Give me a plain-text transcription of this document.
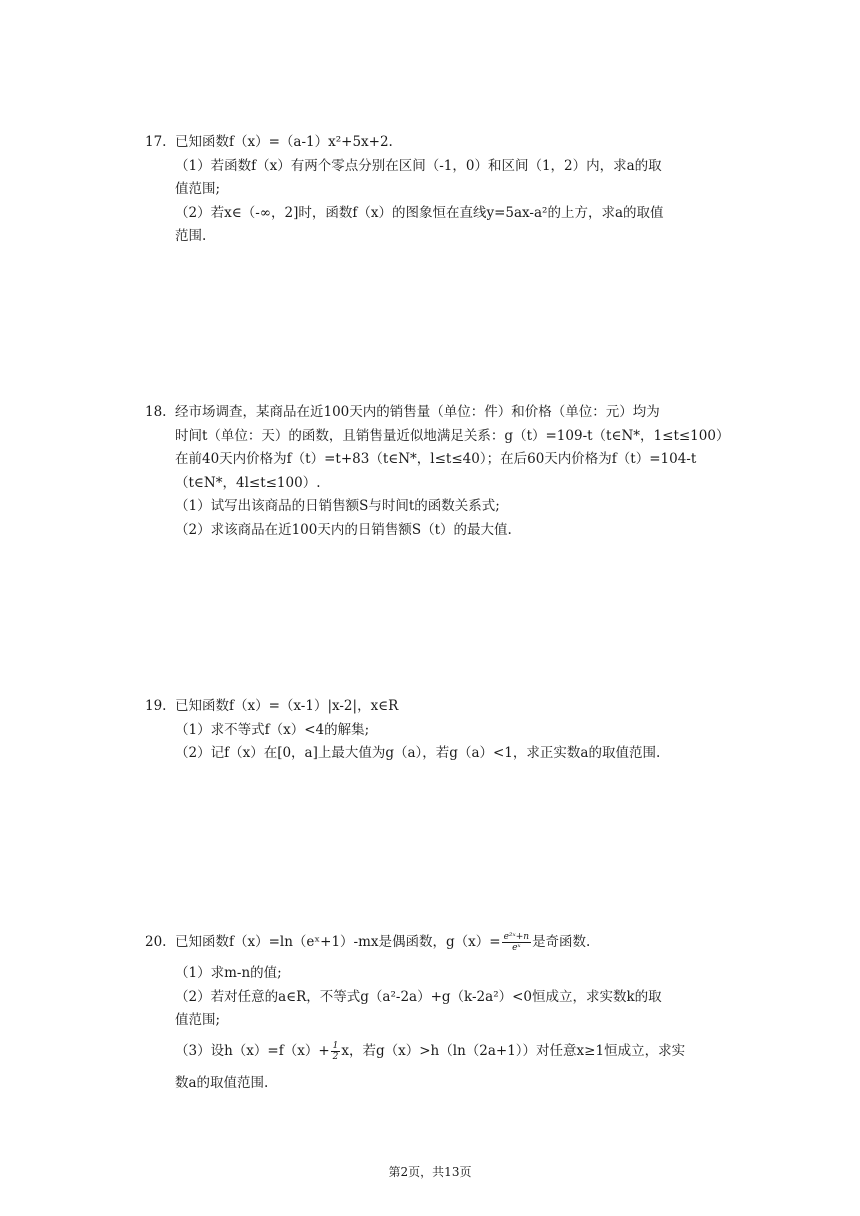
17. 已知函数f（x）=（a-1）x²+5x+2.
（1）若函数f（x）有两个零点分别在区间（-1，0）和区间（1，2）内，求a的取
值范围;
（2）若x∈（-∞，2]时，函数f（x）的图象恒在直线y=5ax-a²的上方，求a的取值
范围.
18. 经市场调查，某商品在近100天内的销售量（单位：件）和价格（单位：元）均为
时间t（单位：天）的函数，且销售量近似地满足关系：g（t）=109-t（t∈N*，1≤t≤100）
在前40天内价格为f（t）=t+83（t∈N*，l≤t≤40）；在后60天内价格为f（t）=104-t
（t∈N*，4l≤t≤100）.
（1）试写出该商品的日销售额S与时间t的函数关系式;
（2）求该商品在近100天内的日销售额S（t）的最大值.
19. 已知函数f（x）=（x-1）|x-2|，x∈R
（1）求不等式f（x）<4的解集;
（2）记f（x）在[0，a]上最大值为g（a），若g（a）<1，求正实数a的取值范围.
20. 已知函数f（x）=ln（eˣ+1）-mx是偶函数，$g(x)= \frac{\text{e²ˣ+n}}{\text{eˣ}}$ 是奇函数.
（1）求m-n的值;
（2）若对任意的a∈R，不等式g（a²-2a）+g（k-2a²）<0恒成立，求实数k的取
值范围;
（3）设$h(x)=f(x)+ \frac{1}{2}$ x，若g（x）>h（ln（2a+1））对任意x≥1恒成立，求实
数a的取值范围.
第2页，共13页
